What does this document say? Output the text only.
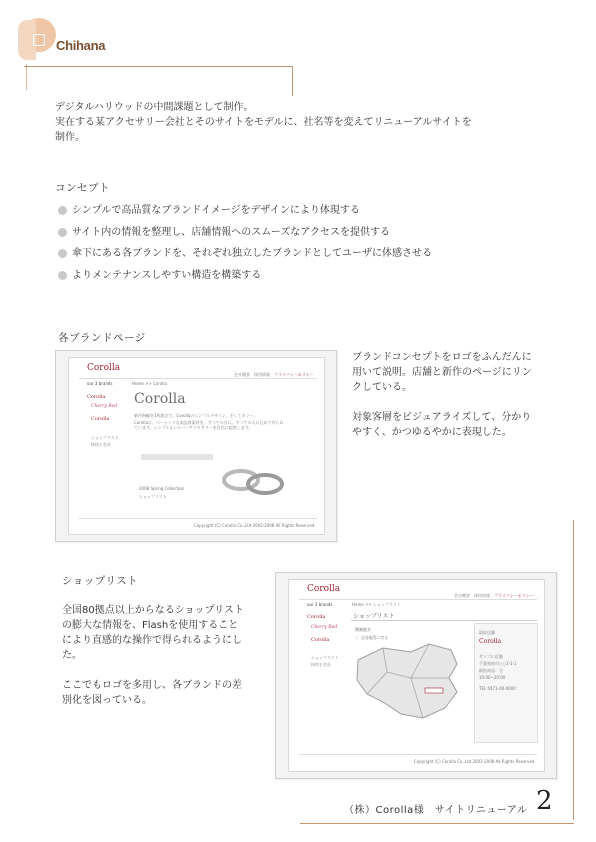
Chihana

デジタルハリウッドの中間課題として制作。

実在する某アクセサリー会社とそのサイトをモデルに、社名等を変えてリニューアルサイトを

制作。

コンセプト
シンプルで高品質なブランドイメージをデザインにより体現する
サイト内の情報を整理し、店舗情報へのスムーズなアクセスを提供する
傘下にある各ブランドを、それぞれ独立したブランドとしてユーザに体感させる
よりメンテナンスしやすい構造を構築する
各ブランドページ
Corolla
会社概要 採用情報 プライバシーポリシー
our 3 brands	Home >> Corolla
Corolla
Cherry Red
Corolla
ショップリスト
採用と会社
Corolla
新作指輪を1枚限定で。Corollaのシンプルデザイン、そしてカラー。
Corollaは、ベーシックな高品質素材を、すべての方に。すべての人に込めて作られ
ています。シンプルなシルバーアクセサリーを自信に提供します。
2008 Spring Collection
ショップリスト
Copyright (C) Corolla Co.,Ltd 2003-2008 All Rights Reserved.

ブランドコンセプトをロゴをふんだんに

用いて説明。店舗と新作のページにリン

クしている。

対象客層をビジュアライズして、分かり

やすく、かつゆるやかに表現した。

ショップリスト

全国80拠点以上からなるショップリスト

の膨大な情報を、Flashを使用すること

により直感的な操作で得られるようにし

た。

ここでもロゴを多用し、各ブランドの差

別化を図っている。

Corolla
会社概要 採用情報 プライバシーポリシー
our 3 brands	Home >> ショップリスト
ショップリスト
Corolla
Cherry Red
Corolla
ショップリスト
採用と会社
関東地方
＜ 全国地図に戻る
取扱店舗
Corolla
サンプル店舗
千葉県柏市○○1-1-1
取扱商品：全
10:00~20:00
TEL 0471-00-0000
Copyright (C) Corolla Co.,Ltd 2003-2008 All Rights Reserved.
（株）Corolla様　サイトリニューアル 2
